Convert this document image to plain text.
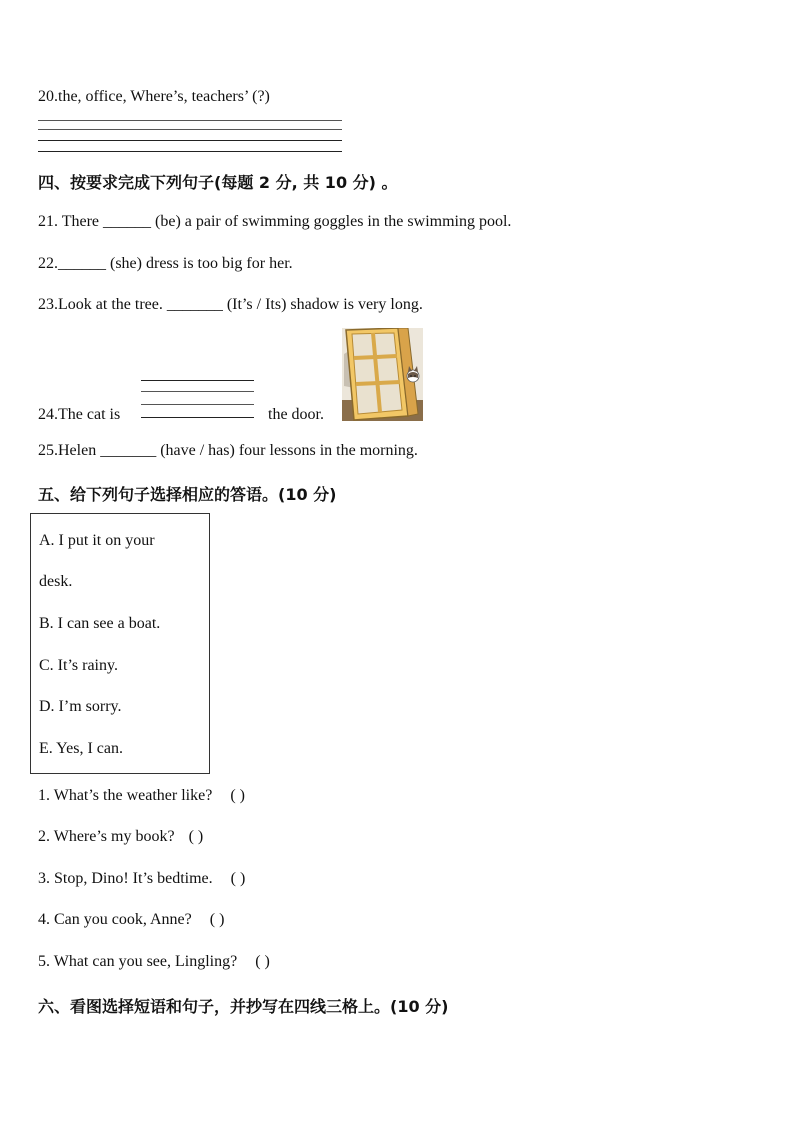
20.the, office, Where’s, teachers’ (?)
四、按要求完成下列句子(每题 2 分, 共 10 分) 。
21. There ______ (be) a pair of swimming goggles in the swimming pool.
22.______ (she) dress is too big for her.
23.Look at the tree. _______ (It’s / Its) shadow is very long.
24.The cat is	the door.
25.Helen _______ (have / has) four lessons in the morning.
五、给下列句子选择相应的答语。(10 分)
A. I put it on your
desk.
B. I can see a boat.
C. It’s rainy.
D. I’m sorry.
E. Yes, I can.
1. What’s the weather like? ( )
2. Where’s my book? ( )
3. Stop, Dino! It’s bedtime. ( )
4. Can you cook, Anne? ( )
5. What can you see, Lingling? ( )
六、看图选择短语和句子，并抄写在四线三格上。(10 分)
